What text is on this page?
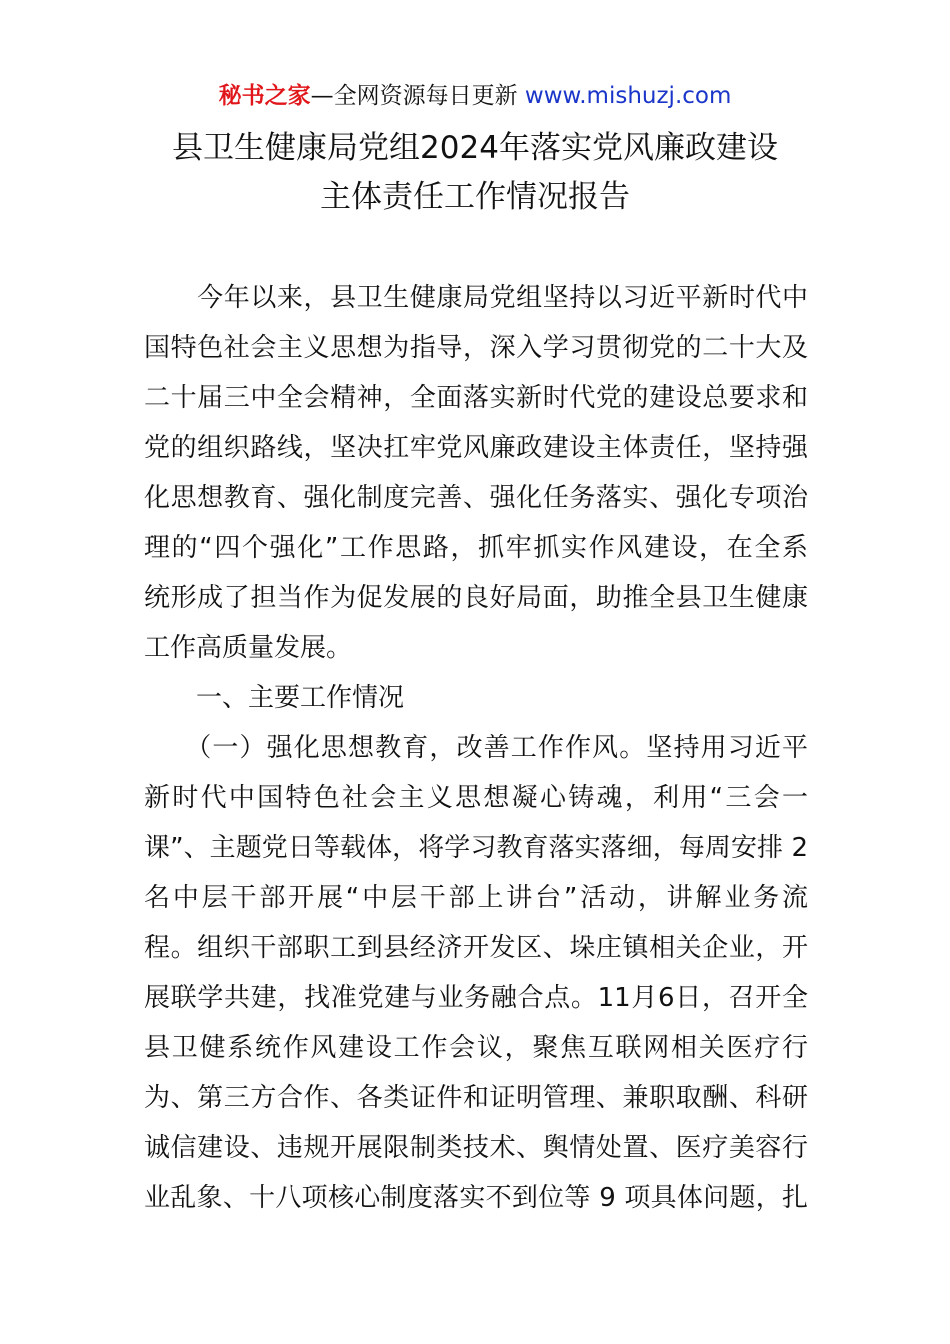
秘书之家—全网资源每日更新 www.mishuzj.com
县卫生健康局党组2024年落实党风廉政建设
主体责任工作情况报告
　　今年以来，县卫生健康局党组坚持以习近平新时代中
国特色社会主义思想为指导，深入学习贯彻党的二十大及
二十届三中全会精神，全面落实新时代党的建设总要求和
党的组织路线，坚决扛牢党风廉政建设主体责任，坚持强
化思想教育、强化制度完善、强化任务落实、强化专项治
理的“四个强化”工作思路，抓牢抓实作风建设，在全系
统形成了担当作为促发展的良好局面，助推全县卫生健康
工作高质量发展。
　　一、主要工作情况
　　（一）强化思想教育，改善工作作风。坚持用习近平
新时代中国特色社会主义思想凝心铸魂，利用“三会一
课”、主题党日等载体，将学习教育落实落细，每周安排 2
名中层干部开展“中层干部上讲台”活动，讲解业务流
程。组织干部职工到县经济开发区、垛庄镇相关企业，开
展联学共建，找准党建与业务融合点。11月6日，召开全
县卫健系统作风建设工作会议，聚焦互联网相关医疗行
为、第三方合作、各类证件和证明管理、兼职取酬、科研
诚信建设、违规开展限制类技术、舆情处置、医疗美容行
业乱象、十八项核心制度落实不到位等 9 项具体问题，扎
